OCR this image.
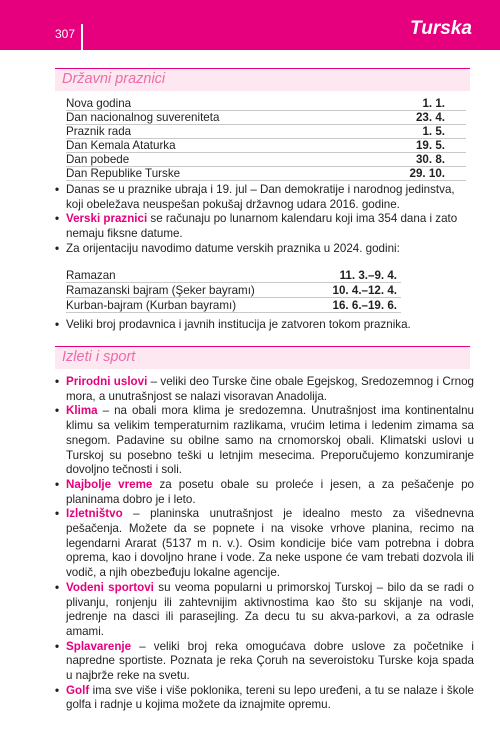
307	Turska
Državni praznici
Nova godina	1. 1.
Dan nacionalnog suvereniteta	23. 4.
Praznik rada	1. 5.
Dan Kemala Ataturka	19. 5.
Dan pobede	30. 8.
Dan Republike Turske	29. 10.
• Danas se u praznike ubraja i 19. jul – Dan demokratije i narodnog jedinstva, koji obeležava neuspešan pokušaj državnog udara 2016. godine.
• Verski praznici se računaju po lunarnom kalendaru koji ima 354 dana i zato nemaju fiksne datume.
• Za orijentaciju navodimo datume verskih praznika u 2024. godini:
Ramazan	11. 3.–9. 4.
Ramazanski bajram (Şeker bayramı)	10. 4.–12. 4.
Kurban-bajram (Kurban bayramı)	16. 6.–19. 6.
• Veliki broj prodavnica i javnih institucija je zatvoren tokom praznika.
Izleti i sport
• Prirodni uslovi – veliki deo Turske čine obale Egejskog, Sredozemnog i Crnog mora, a unutrašnjost se nalazi visoravan Anadolija.
• Klima – na obali mora klima je sredozemna. Unutrašnjost ima kontinentalnu klimu sa velikim temperaturnim razlikama, vrućim letima i ledenim zimama sa snegom. Padavine su obilne samo na crnomorskoj obali. Klimatski uslovi u Turskoj su posebno teški u letnjim mesecima. Preporučujemo konzumiranje dovoljno tečnosti i soli.
• Najbolje vreme za posetu obale su proleće i jesen, a za pešačenje po planinama dobro je i leto.
• Izletništvo – planinska unutrašnjost je idealno mesto za višednevna pešačenja. Možete da se popnete i na visoke vrhove planina, recimo na legendarni Ararat (5137 m n. v.). Osim kondicije biće vam potrebna i dobra oprema, kao i dovoljno hrane i vode. Za neke uspone će vam trebati dozvola ili vodič, a njih obezbeđuju lokalne agencije.
• Vodeni sportovi su veoma popularni u primorskoj Turskoj – bilo da se radi o plivanju, ronjenju ili zahtevnijim aktivnostima kao što su skijanje na vodi, jedrenje na dasci ili parasejling. Za decu tu su akva-parkovi, a za odrasle amami.
• Splavarenje – veliki broj reka omogućava dobre uslove za početnike i napredne sportiste. Poznata je reka Çoruh na severoistoku Turske koja spada u najbrže reke na svetu.
• Golf ima sve više i više poklonika, tereni su lepo uređeni, a tu se nalaze i škole golfa i radnje u kojima možete da iznajmite opremu.
